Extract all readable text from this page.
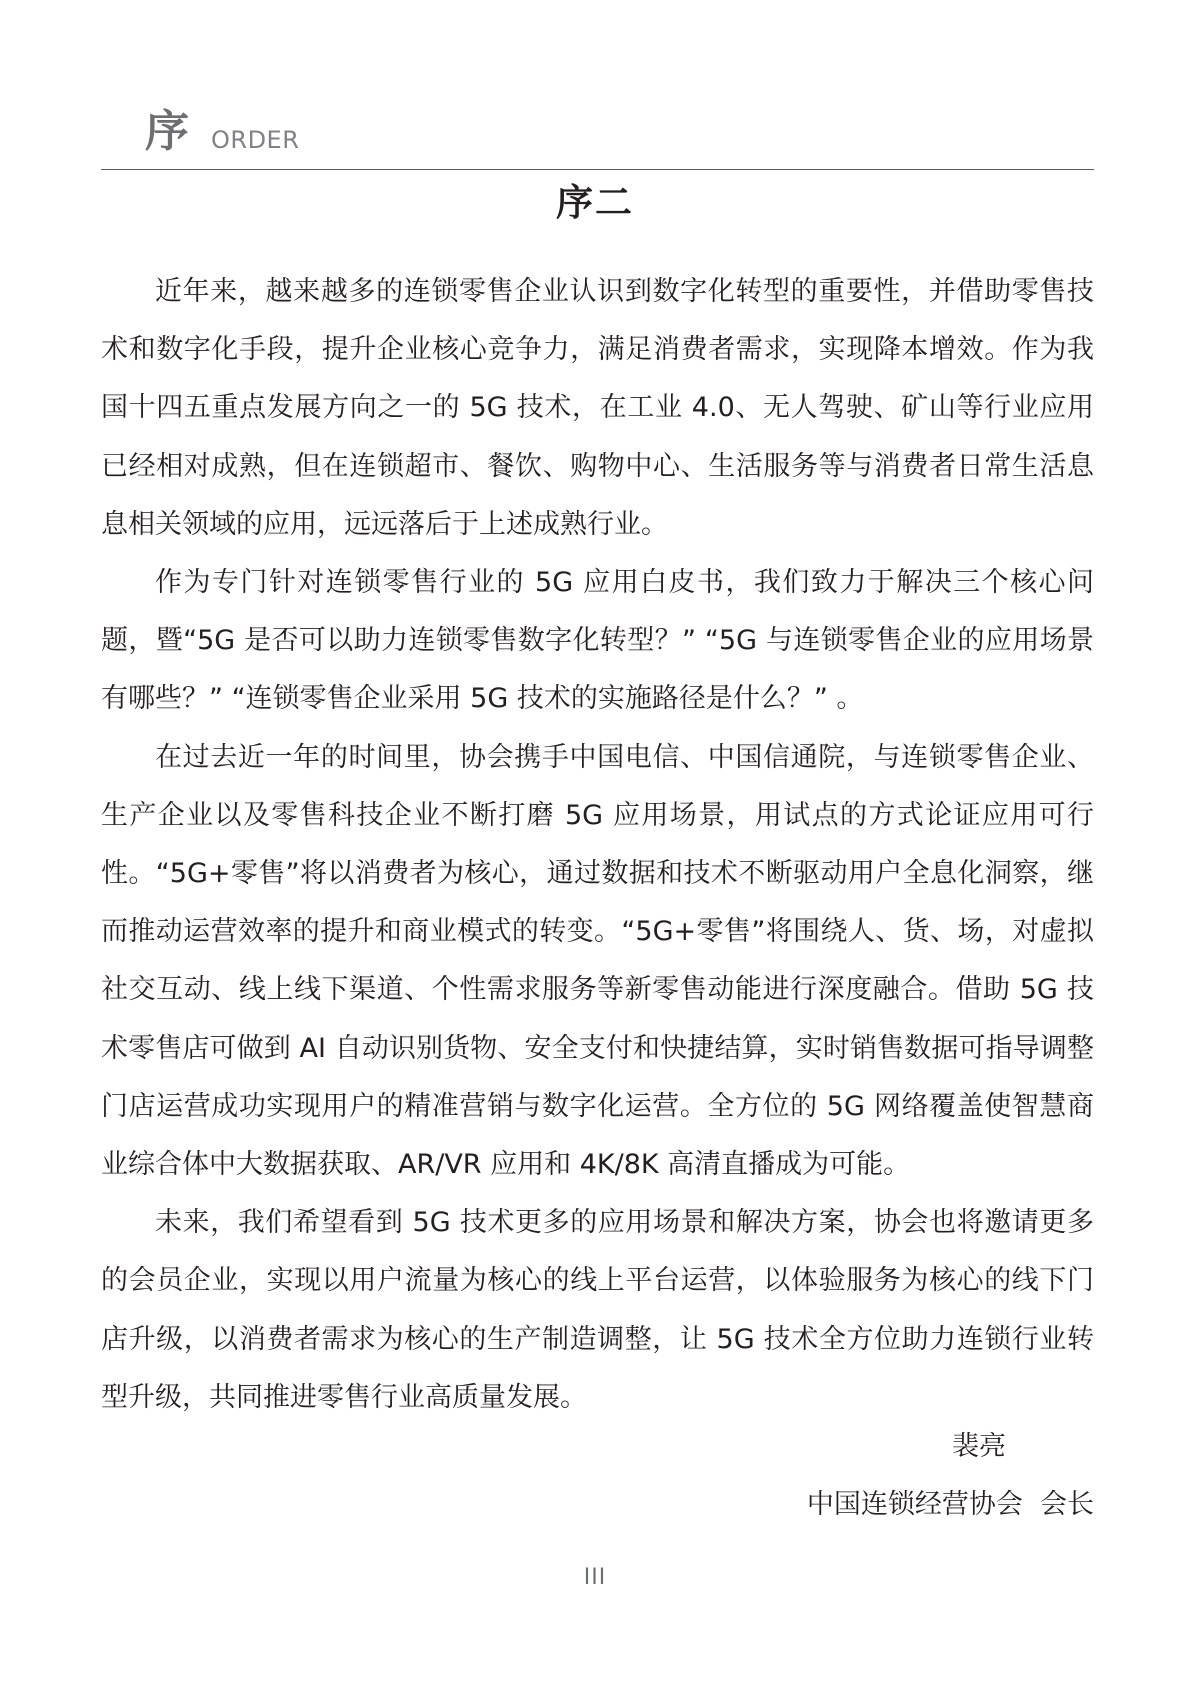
序 ORDER
序二

近年来，越来越多的连锁零售企业认识到数字化转型的重要性，并借助零售技术和数字化手段，提升企业核心竞争力，满足消费者需求，实现降本增效。作为我国十四五重点发展方向之一的 5G 技术，在工业 4.0、无人驾驶、矿山等行业应用已经相对成熟，但在连锁超市、餐饮、购物中心、生活服务等与消费者日常生活息息相关领域的应用，远远落后于上述成熟行业。

作为专门针对连锁零售行业的 5G 应用白皮书，我们致力于解决三个核心问题，暨“5G 是否可以助力连锁零售数字化转型？” “5G 与连锁零售企业的应用场景有哪些？” “连锁零售企业采用 5G 技术的实施路径是什么？” 。

在过去近一年的时间里，协会携手中国电信、中国信通院，与连锁零售企业、生产企业以及零售科技企业不断打磨 5G 应用场景，用试点的方式论证应用可行性。“5G+零售”将以消费者为核心，通过数据和技术不断驱动用户全息化洞察，继而推动运营效率的提升和商业模式的转变。“5G+零售”将围绕人、货、场，对虚拟社交互动、线上线下渠道、个性需求服务等新零售动能进行深度融合。借助 5G 技术零售店可做到 AI 自动识别货物、安全支付和快捷结算，实时销售数据可指导调整门店运营成功实现用户的精准营销与数字化运营。全方位的 5G 网络覆盖使智慧商业综合体中大数据获取、AR/VR 应用和 4K/8K 高清直播成为可能。

未来，我们希望看到 5G 技术更多的应用场景和解决方案，协会也将邀请更多的会员企业，实现以用户流量为核心的线上平台运营，以体验服务为核心的线下门店升级，以消费者需求为核心的生产制造调整，让 5G 技术全方位助力连锁行业转型升级，共同推进零售行业高质量发展。

裴亮
中国连锁经营协会  会长
III
